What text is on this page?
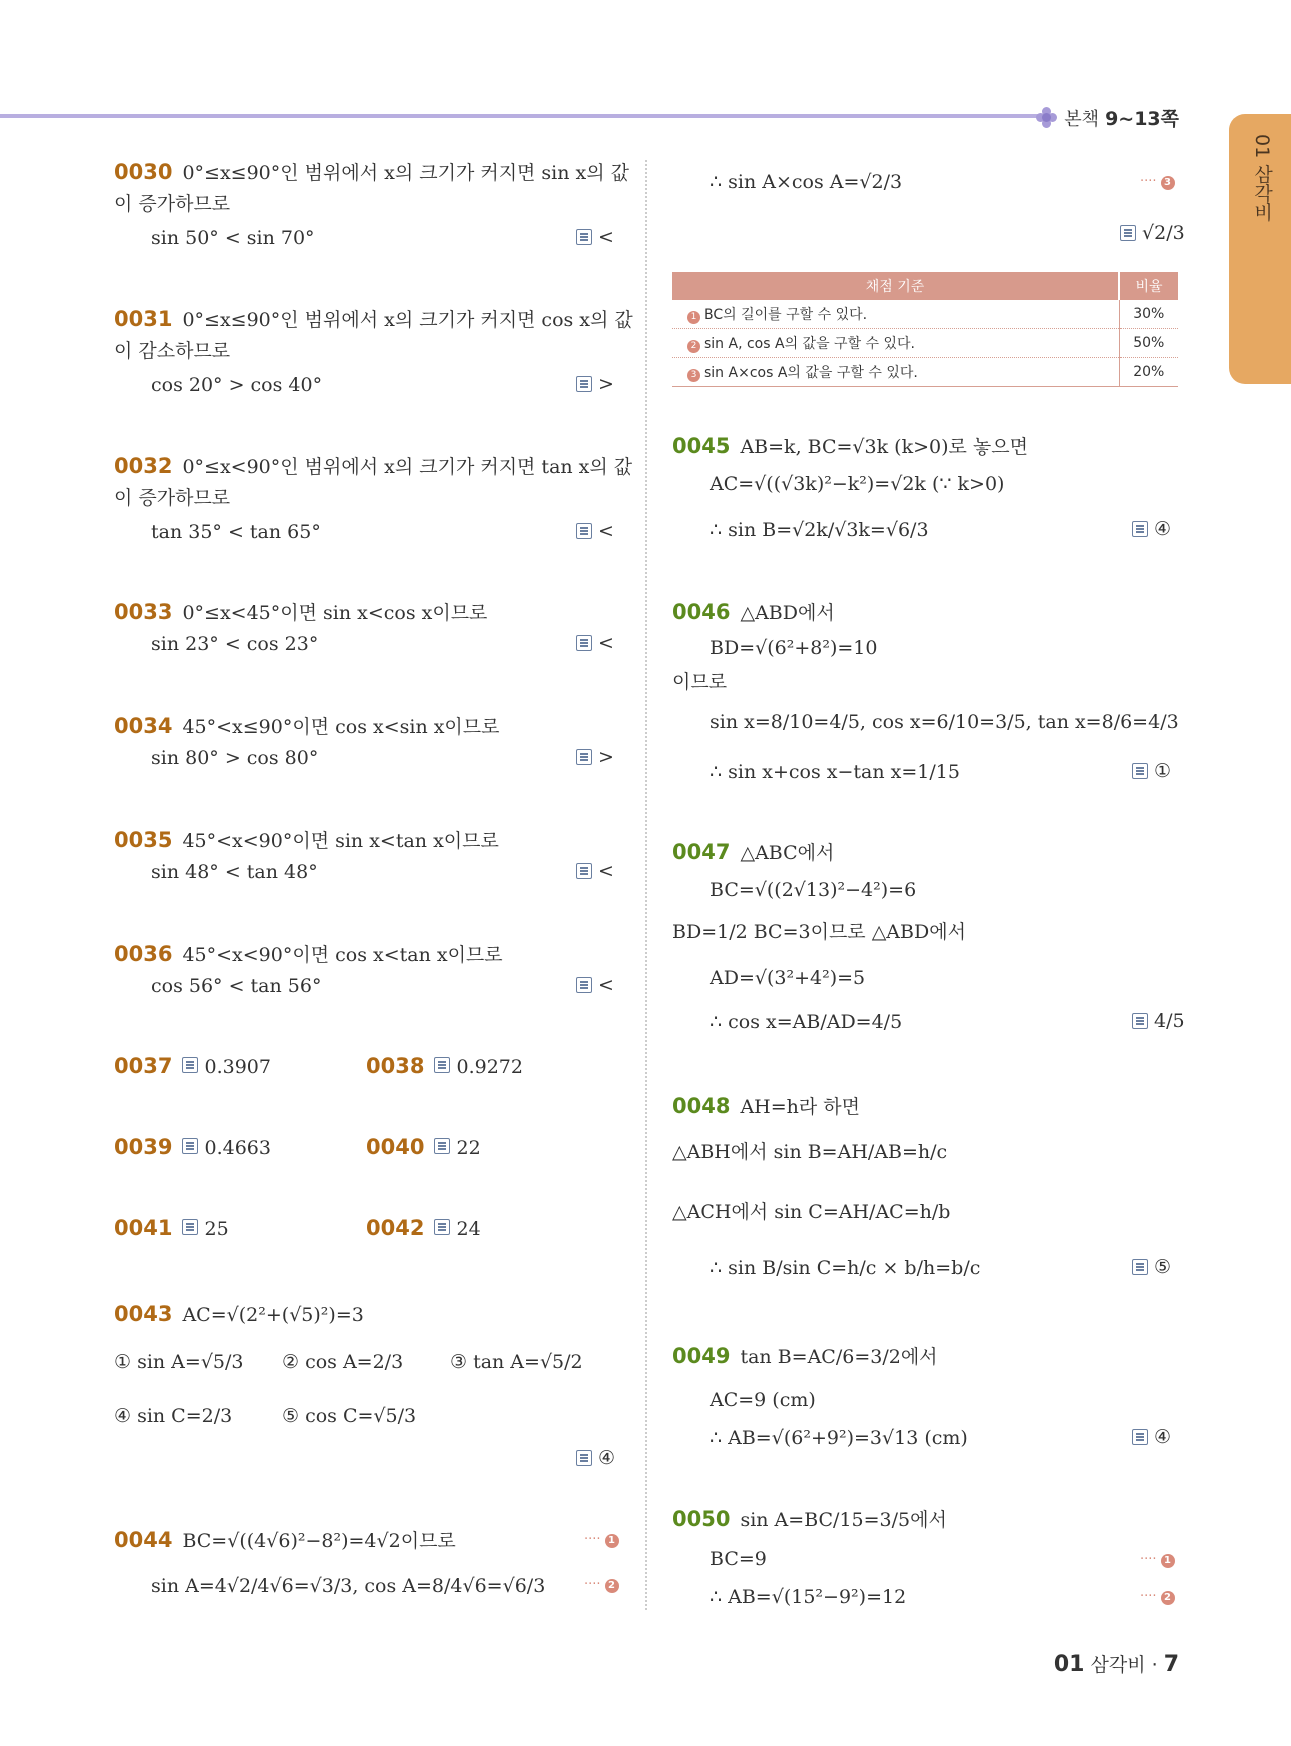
본책 9~13쪽
01 삼각비
0030 0°≤x≤90°인 범위에서 x의 크기가 커지면 sin x의 값
이 증가하므로
sin 50° < sin 70°	<
0031 0°≤x≤90°인 범위에서 x의 크기가 커지면 cos x의 값
이 감소하므로
cos 20° > cos 40°	>
0032 0°≤x<90°인 범위에서 x의 크기가 커지면 tan x의 값
이 증가하므로
tan 35° < tan 65°	<
0033 0°≤x<45°이면 sin x<cos x이므로
sin 23° < cos 23°	<
0034 45°<x≤90°이면 cos x<sin x이므로
sin 80° > cos 80°	>
0035 45°<x<90°이면 sin x<tan x이므로
sin 48° < tan 48°	<
0036 45°<x<90°이면 cos x<tan x이므로
cos 56° < tan 56°	<
0037 0.3907	0038 0.9272
0039 0.4663	0040 22
0041 25	0042 24
0043 AC=√(2²+(√5)²)=3
① sin A=√5/3 ② cos A=2/3 ③ tan A=√5/2
④ sin C=2/3	⑤ cos C=√5/3
④
0044 BC=√((4√6)²−8²)=4√2이므로	···· 1
sin A=4√2/4√6=√3/3, cos A=8/4√6=√6/3	···· 2
∴ sin A×cos A=√2/3	···· 3
√2/3
채점 기준	비율
1 BC의 길이를 구할 수 있다.	30%
2 sin A, cos A의 값을 구할 수 있다.	50%
3 sin A×cos A의 값을 구할 수 있다.	20%
0045 AB=k, BC=√3k (k>0)로 놓으면
AC=√((√3k)²−k²)=√2k (∵ k>0)
∴ sin B=√2k/√3k=√6/3	④
0046 △ABD에서
BD=√(6²+8²)=10
이므로
sin x=8/10=4/5, cos x=6/10=3/5, tan x=8/6=4/3
∴ sin x+cos x−tan x=1/15	①
0047 △ABC에서
BC=√((2√13)²−4²)=6
BD=1/2 BC=3이므로 △ABD에서
AD=√(3²+4²)=5
∴ cos x=AB/AD=4/5	4/5
0048 AH=h라 하면
△ABH에서 sin B=AH/AB=h/c
△ACH에서 sin C=AH/AC=h/b
∴ sin B/sin C=h/c × b/h=b/c	⑤
0049 tan B=AC/6=3/2에서
AC=9 (cm)
∴ AB=√(6²+9²)=3√13 (cm)	④
0050 sin A=BC/15=3/5에서
BC=9
∴ AB=√(15²−9²)=12
···· 1
···· 2
01 삼각비 · 7
